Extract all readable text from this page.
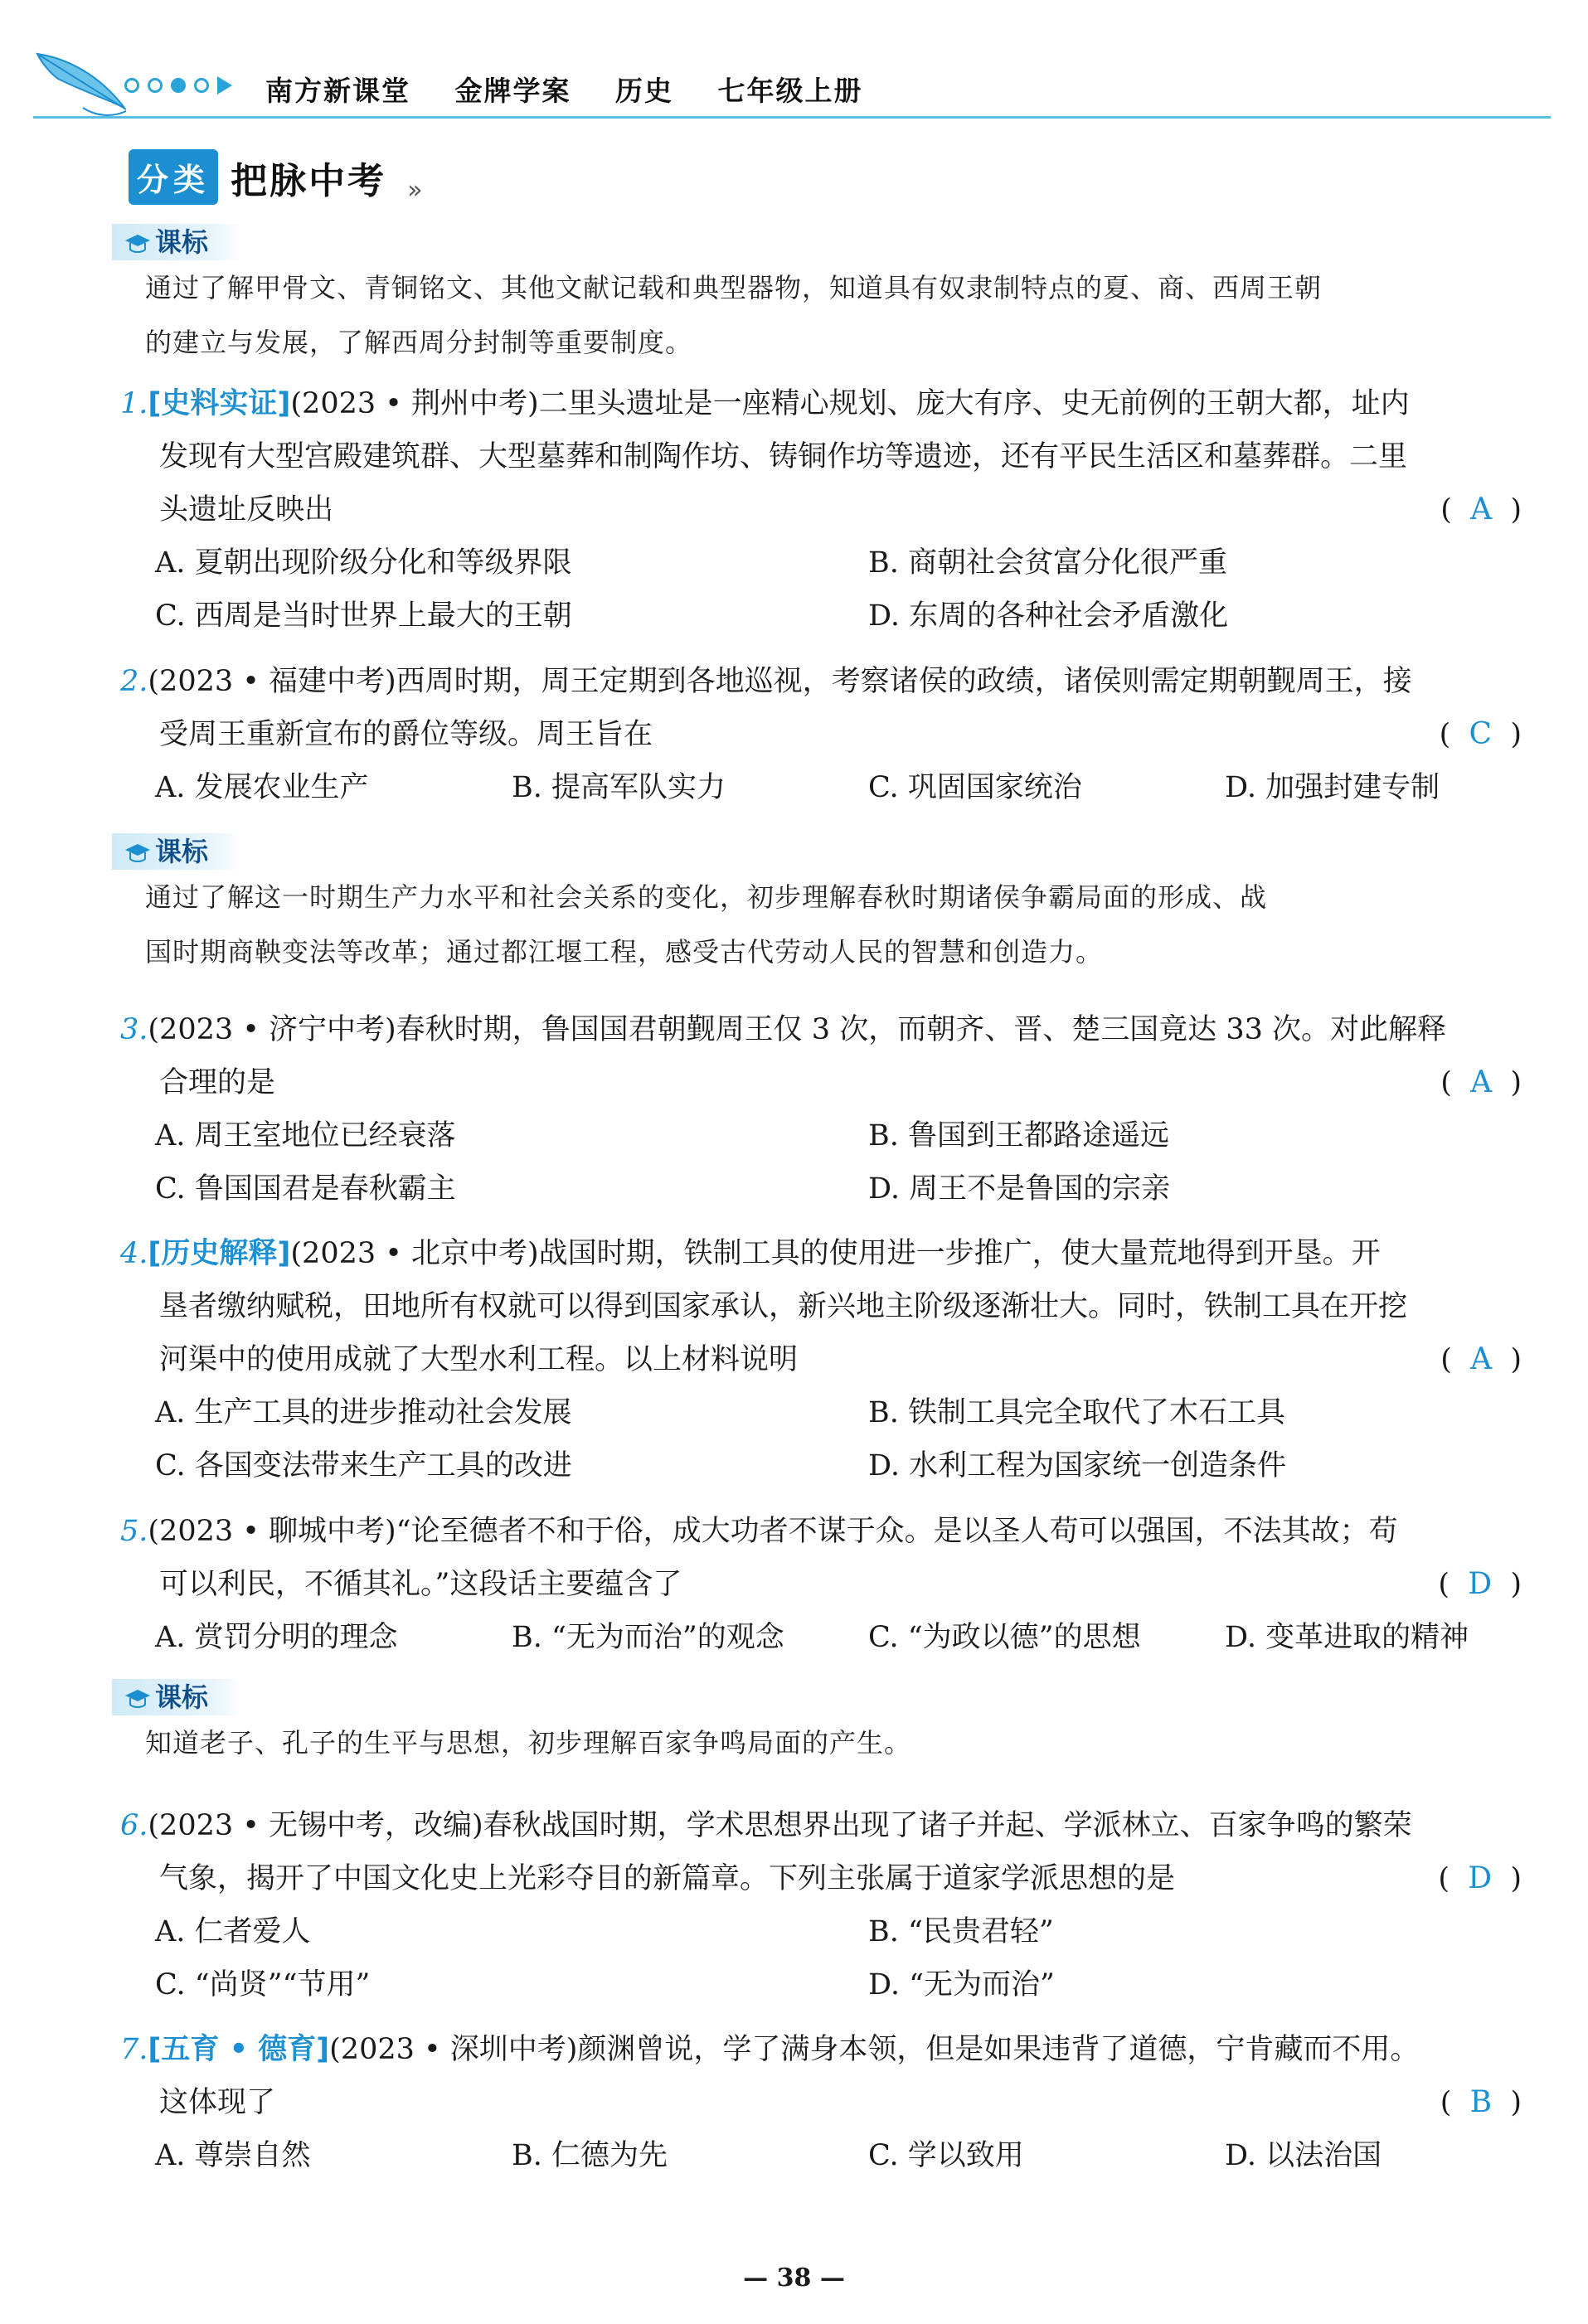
南方新课堂 金牌学案 历史 七年级上册
分类 把脉中考 »
课标
通过了解甲骨文、青铜铭文、其他文献记载和典型器物，知道具有奴隶制特点的夏、商、西周王朝
的建立与发展，了解西周分封制等重要制度。
1.[史料实证](2023 • 荆州中考)二里头遗址是一座精心规划、庞大有序、史无前例的王朝大都，址内
发现有大型宫殿建筑群、大型墓葬和制陶作坊、铸铜作坊等遗迹，还有平民生活区和墓葬群。二里
头遗址反映出	(  A  )
A. 夏朝出现阶级分化和等级界限	B. 商朝社会贫富分化很严重
C. 西周是当时世界上最大的王朝	D. 东周的各种社会矛盾激化
2.(2023 • 福建中考)西周时期，周王定期到各地巡视，考察诸侯的政绩，诸侯则需定期朝觐周王，接
受周王重新宣布的爵位等级。周王旨在	(  C  )
A. 发展农业生产	B. 提高军队实力	C. 巩固国家统治	D. 加强封建专制
课标
通过了解这一时期生产力水平和社会关系的变化，初步理解春秋时期诸侯争霸局面的形成、战
国时期商鞅变法等改革；通过都江堰工程，感受古代劳动人民的智慧和创造力。
3.(2023 • 济宁中考)春秋时期，鲁国国君朝觐周王仅 3 次，而朝齐、晋、楚三国竟达 33 次。对此解释
合理的是	(  A  )
A. 周王室地位已经衰落	B. 鲁国到王都路途遥远
C. 鲁国国君是春秋霸主	D. 周王不是鲁国的宗亲
4.[历史解释](2023 • 北京中考)战国时期，铁制工具的使用进一步推广，使大量荒地得到开垦。开
垦者缴纳赋税，田地所有权就可以得到国家承认，新兴地主阶级逐渐壮大。同时，铁制工具在开挖
河渠中的使用成就了大型水利工程。以上材料说明	(  A  )
A. 生产工具的进步推动社会发展	B. 铁制工具完全取代了木石工具
C. 各国变法带来生产工具的改进	D. 水利工程为国家统一创造条件
5.(2023 • 聊城中考)“论至德者不和于俗，成大功者不谋于众。是以圣人苟可以强国，不法其故；苟
可以利民，不循其礼。”这段话主要蕴含了	(  D  )
A. 赏罚分明的理念	B. “无为而治”的观念	C. “为政以德”的思想	D. 变革进取的精神
课标
知道老子、孔子的生平与思想，初步理解百家争鸣局面的产生。
6.(2023 • 无锡中考，改编)春秋战国时期，学术思想界出现了诸子并起、学派林立、百家争鸣的繁荣
气象，揭开了中国文化史上光彩夺目的新篇章。下列主张属于道家学派思想的是	(  D  )
A. 仁者爱人	B. “民贵君轻”
C. “尚贤”“节用”	D. “无为而治”
7.[五育 • 德育](2023 • 深圳中考)颜渊曾说，学了满身本领，但是如果违背了道德，宁肯藏而不用。
这体现了	(  B  )
A. 尊崇自然	B. 仁德为先	C. 学以致用	D. 以法治国
— 38 —
